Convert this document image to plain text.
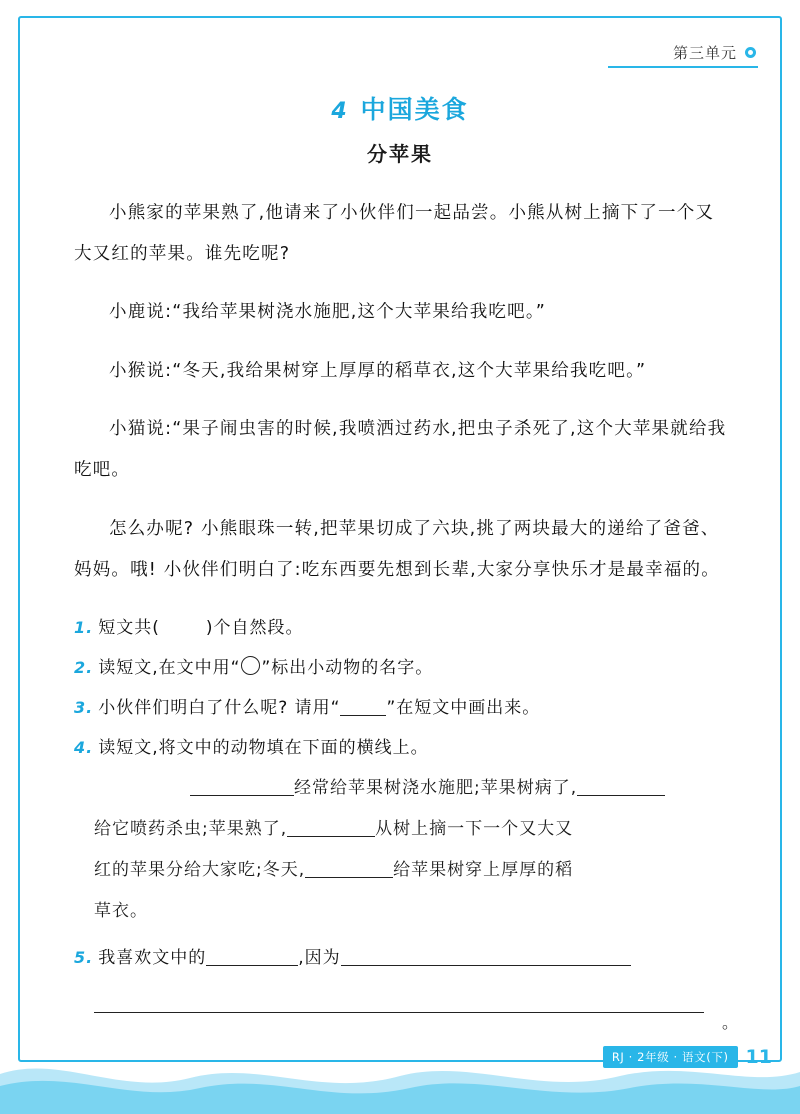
第三单元
4 中国美食
分苹果

小熊家的苹果熟了,他请来了小伙伴们一起品尝。小熊从树上摘下了一个又大又红的苹果。谁先吃呢?

小鹿说:“我给苹果树浇水施肥,这个大苹果给我吃吧。”

小猴说:“冬天,我给果树穿上厚厚的稻草衣,这个大苹果给我吃吧。”

小猫说:“果子闹虫害的时候,我喷洒过药水,把虫子杀死了,这个大苹果就给我吃吧。

怎么办呢? 小熊眼珠一转,把苹果切成了六块,挑了两块最大的递给了爸爸、妈妈。哦! 小伙伴们明白了:吃东西要先想到长辈,大家分享快乐才是最幸福的。

1. 短文共(	)个自然段。
2. 读短文,在文中用“○”标出小动物的名字。
3. 小伙伴们明白了什么呢? 请用“	”在短文中画出来。
4. 读短文,将文中的动物填在下面的横线上。
经常给苹果树浇水施肥;苹果树病了,
给它喷药杀虫;苹果熟了,	从树上摘一下一个又大又
红的苹果分给大家吃;冬天,	给苹果树穿上厚厚的稻
草衣。
5. 我喜欢文中的	,因为
。
RJ · 2年级 · 语文(下) 11
